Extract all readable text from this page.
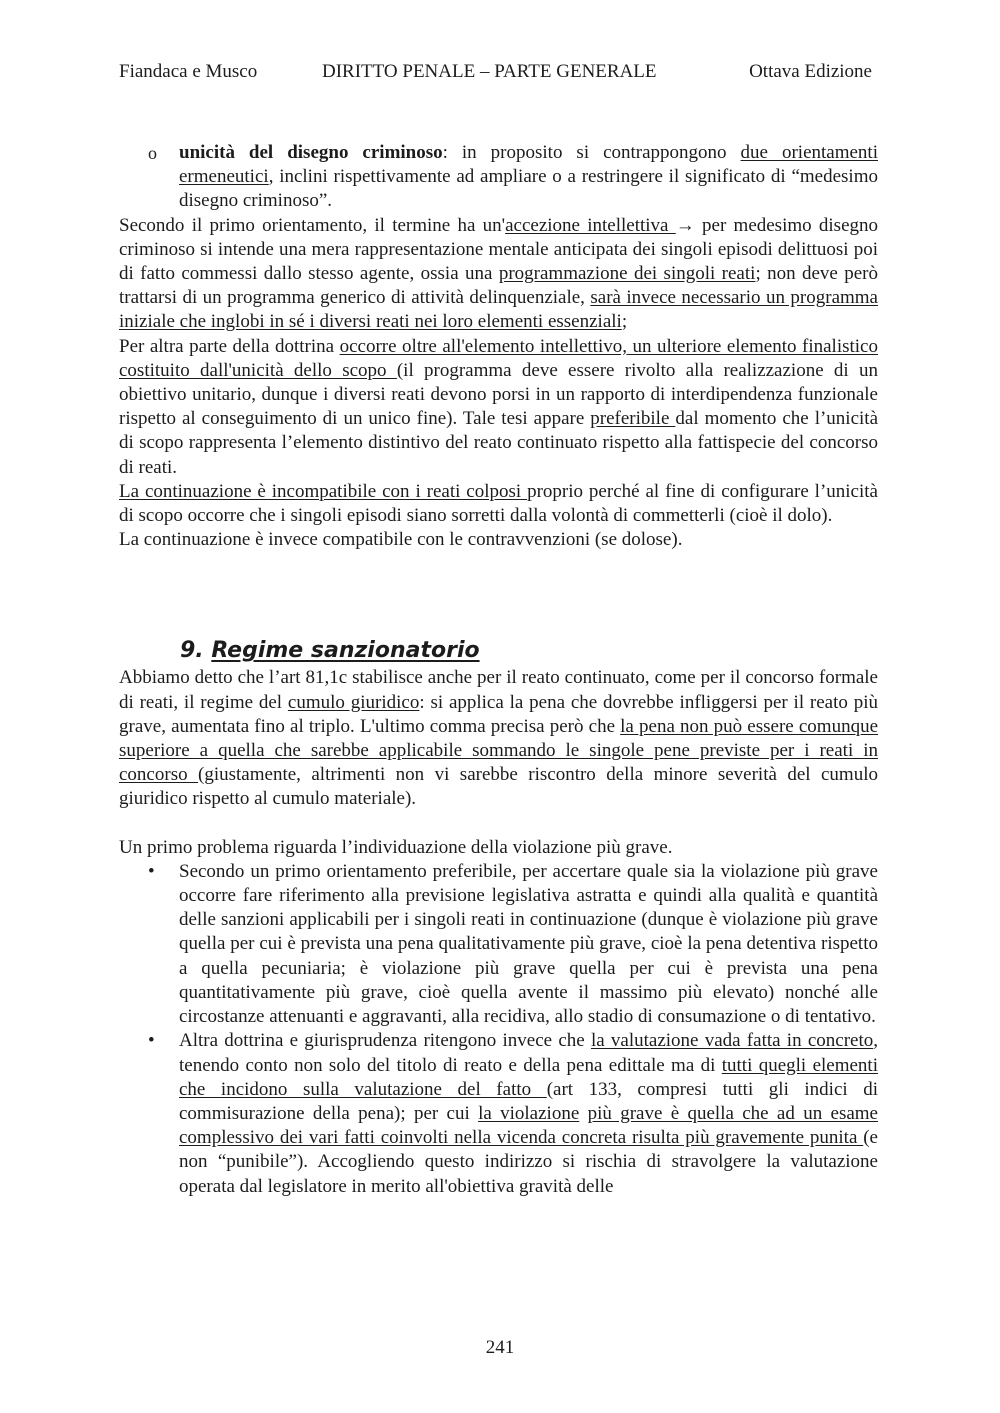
Fiandaca e Musco	DIRITTO PENALE – PARTE GENERALE	Ottava Edizione

o unicità del disegno criminoso: in proposito si contrappongono due orientamenti ermeneutici, inclini rispettivamente ad ampliare o a restringere il significato di “medesimo disegno criminoso”.

Secondo il primo orientamento, il termine ha un'accezione intellettiva → per medesimo disegno criminoso si intende una mera rappresentazione mentale anticipata dei singoli episodi delittuosi poi di fatto commessi dallo stesso agente, ossia una programmazione dei singoli reati; non deve però trattarsi di un programma generico di attività delinquenziale, sarà invece necessario un programma iniziale che inglobi in sé i diversi reati nei loro elementi essenziali;

Per altra parte della dottrina occorre oltre all'elemento intellettivo, un ulteriore elemento finalistico costituito dall'unicità dello scopo (il programma deve essere rivolto alla realizzazione di un obiettivo unitario, dunque i diversi reati devono porsi in un rapporto di interdipendenza funzionale rispetto al conseguimento di un unico fine). Tale tesi appare preferibile dal momento che l’unicità di scopo rappresenta l’elemento distintivo del reato continuato rispetto alla fattispecie del concorso di reati.

La continuazione è incompatibile con i reati colposi proprio perché al fine di configurare l’unicità di scopo occorre che i singoli episodi siano sorretti dalla volontà di commetterli (cioè il dolo).

La continuazione è invece compatibile con le contravvenzioni (se dolose).

9. Regime sanzionatorio

Abbiamo detto che l’art 81,1c stabilisce anche per il reato continuato, come per il concorso formale di reati, il regime del cumulo giuridico: si applica la pena che dovrebbe infliggersi per il reato più grave, aumentata fino al triplo. L'ultimo comma precisa però che la pena non può essere comunque superiore a quella che sarebbe applicabile sommando le singole pene previste per i reati in concorso (giustamente, altrimenti non vi sarebbe riscontro della minore severità del cumulo giuridico rispetto al cumulo materiale).

Un primo problema riguarda l’individuazione della violazione più grave.

• Secondo un primo orientamento preferibile, per accertare quale sia la violazione più grave occorre fare riferimento alla previsione legislativa astratta e quindi alla qualità e quantità delle sanzioni applicabili per i singoli reati in continuazione (dunque è violazione più grave quella per cui è prevista una pena qualitativamente più grave, cioè la pena detentiva rispetto a quella pecuniaria; è violazione più grave quella per cui è prevista una pena quantitativamente più grave, cioè quella avente il massimo più elevato) nonché alle circostanze attenuanti e aggravanti, alla recidiva, allo stadio di consumazione o di tentativo.

• Altra dottrina e giurisprudenza ritengono invece che la valutazione vada fatta in concreto, tenendo conto non solo del titolo di reato e della pena edittale ma di tutti quegli elementi che incidono sulla valutazione del fatto (art 133, compresi tutti gli indici di commisurazione della pena); per cui la violazione più grave è quella che ad un esame complessivo dei vari fatti coinvolti nella vicenda concreta risulta più gravemente punita (e non “punibile”). Accogliendo questo indirizzo si rischia di stravolgere la valutazione operata dal legislatore in merito all'obiettiva gravità delle

241
